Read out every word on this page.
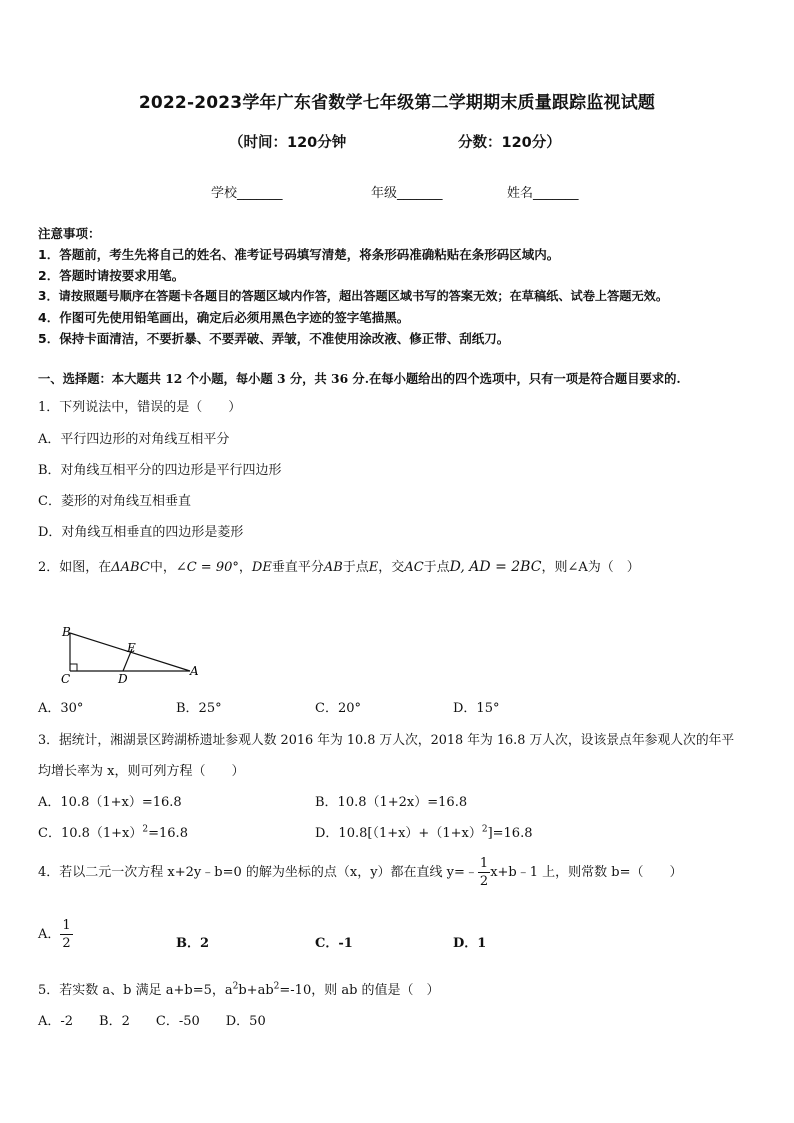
2022-2023学年广东省数学七年级第二学期期末质量跟踪监视试题
（时间：120分钟	分数：120分）
学校_______	年级_______	姓名_______
注意事项：
1．答题前，考生先将自己的姓名、准考证号码填写清楚，将条形码准确粘贴在条形码区域内。
2．答题时请按要求用笔。
3．请按照题号顺序在答题卡各题目的答题区域内作答，超出答题区域书写的答案无效；在草稿纸、试卷上答题无效。
4．作图可先使用铅笔画出，确定后必须用黑色字迹的签字笔描黑。
5．保持卡面清洁，不要折暴、不要弄破、弄皱，不准使用涂改液、修正带、刮纸刀。
一、选择题：本大题共 12 个小题，每小题 3 分，共 36 分.在每小题给出的四个选项中，只有一项是符合题目要求的.
1．下列说法中，错误的是（　　）
A．平行四边形的对角线互相平分
B．对角线互相平分的四边形是平行四边形
C．菱形的对角线互相垂直
D．对角线互相垂直的四边形是菱形
2．如图，在ΔABC中，∠C = 90°，DE垂直平分AB于点E，交AC于点D, AD = 2BC，则∠A为（　）
B
E
C	D
A
A．30°	B．25°	C．20°	D．15°
3．据统计，湘湖景区跨湖桥遗址参观人数 2016 年为 10.8 万人次，2018 年为 16.8 万人次，设该景点年参观人次的年平
均增长率为 x，则可列方程（　　）
A．10.8（1+x）=16.8	B．10.8（1+2x）=16.8
C．$10.8(1+x)^2=16.8$	D．$10.8[(1+x)+(1+x)^2]=16.8$
4．若以二元一次方程 x+2y﹣b=0 的解为坐标的点（x，y）都在直线 y=﹣ $\frac{1}{2}$ x+b﹣1 上，则常数 b=（　　）
A． $\frac{1}{2}$	B．2	C．-1	D．1
5．若实数 a、b 满足 a+b=5，$a^2b+ab^2=-10$，则 ab 的值是（　）
A．-2　　B．2　　C．-50　　D．50
